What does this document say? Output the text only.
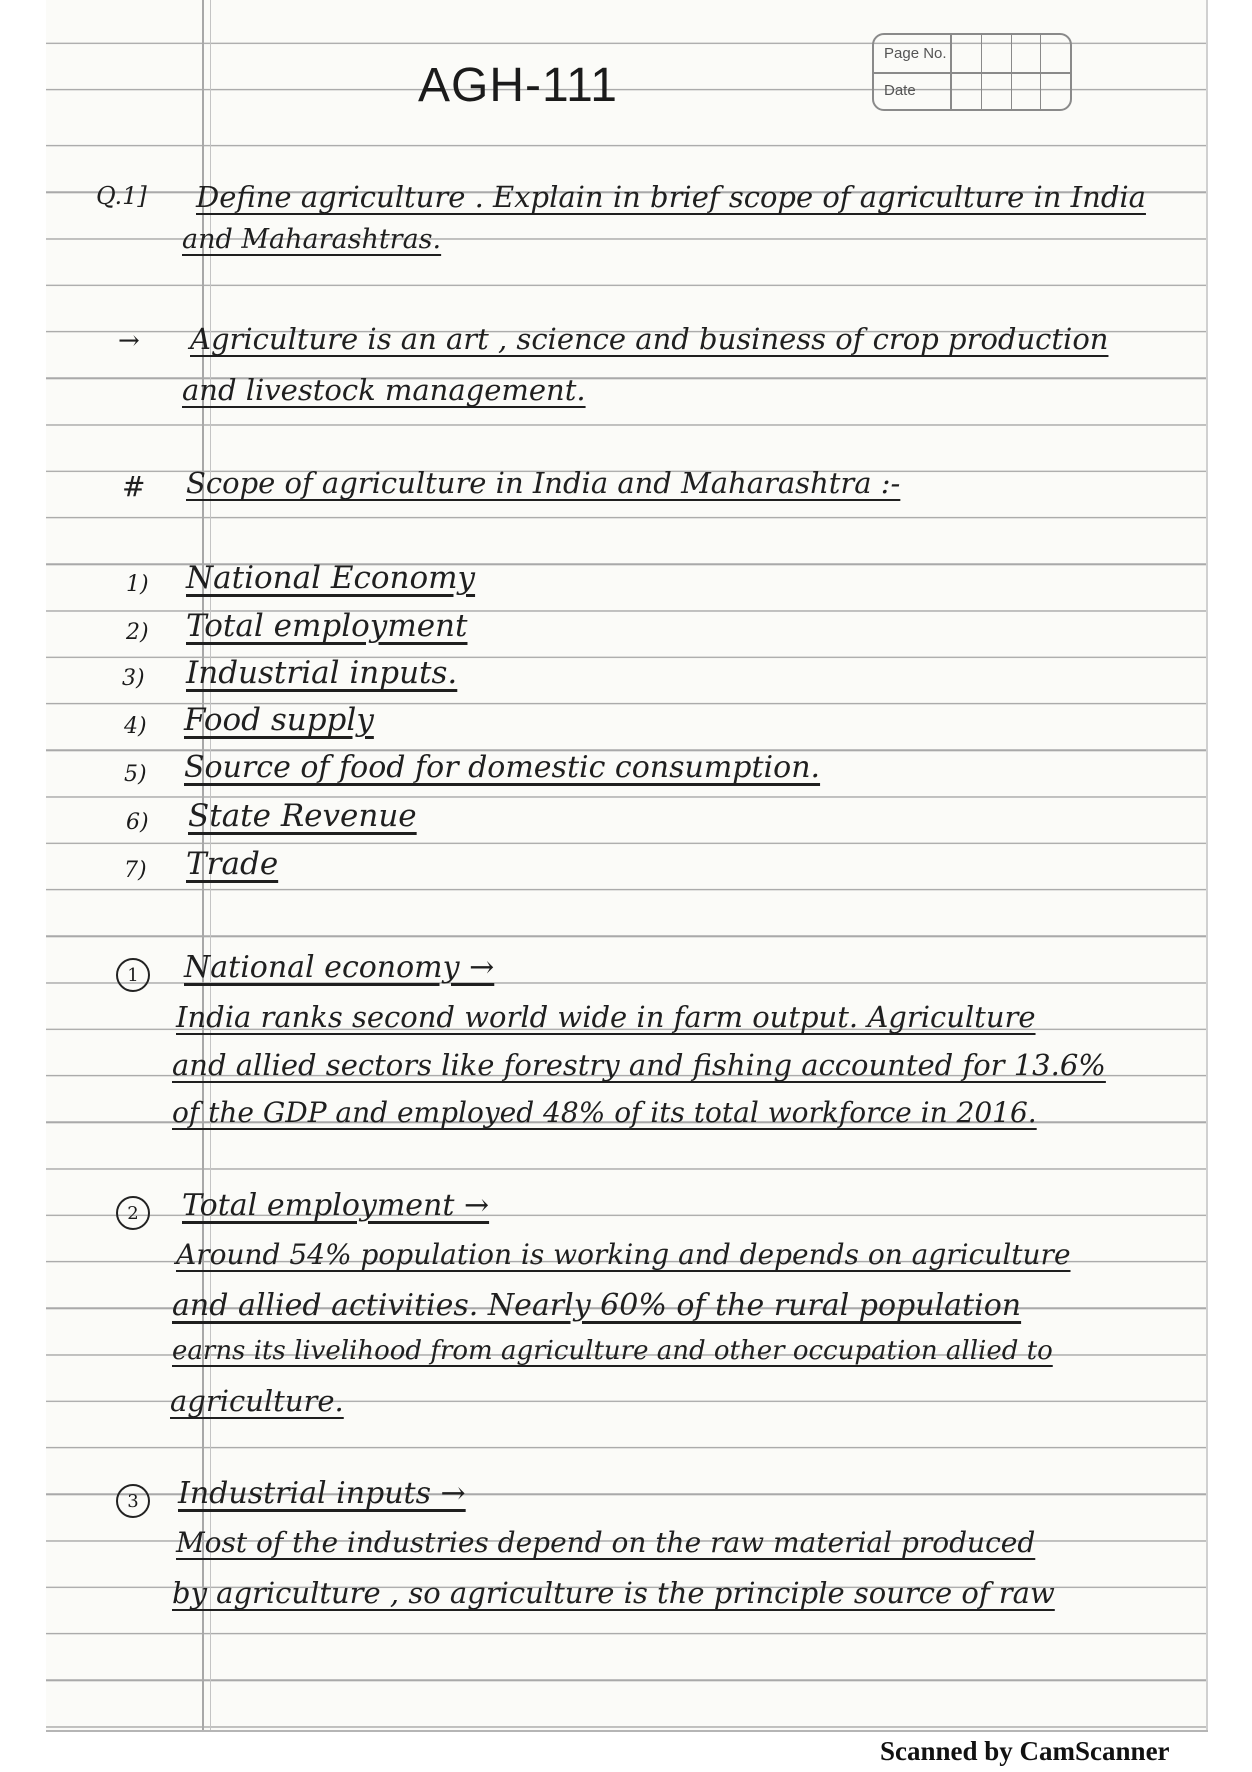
AGH-111
Page No.
Date
Q.1] Define agriculture . Explain in brief scope of agriculture in India
and Maharashtras.
→ Agriculture is an art , science and business of crop production
and livestock management.
# Scope of agriculture in India and Maharashtra :-
1) National Economy
2) Total employment
3) Industrial inputs.
4) Food supply
5) Source of food for domestic consumption.
6) State Revenue
7) Trade
1	National economy →
India ranks second world wide in farm output. Agriculture
and allied sectors like forestry and fishing accounted for 13.6%
of the GDP and employed 48% of its total workforce in 2016.
2	Total employment →
Around 54% population is working and depends on agriculture
and allied activities. Nearly 60% of the rural population
earns its livelihood from agriculture and other occupation allied to
agriculture.
3	Industrial inputs →
Most of the industries depend on the raw material produced
by agriculture , so agriculture is the principle source of raw
Scanned by CamScanner
